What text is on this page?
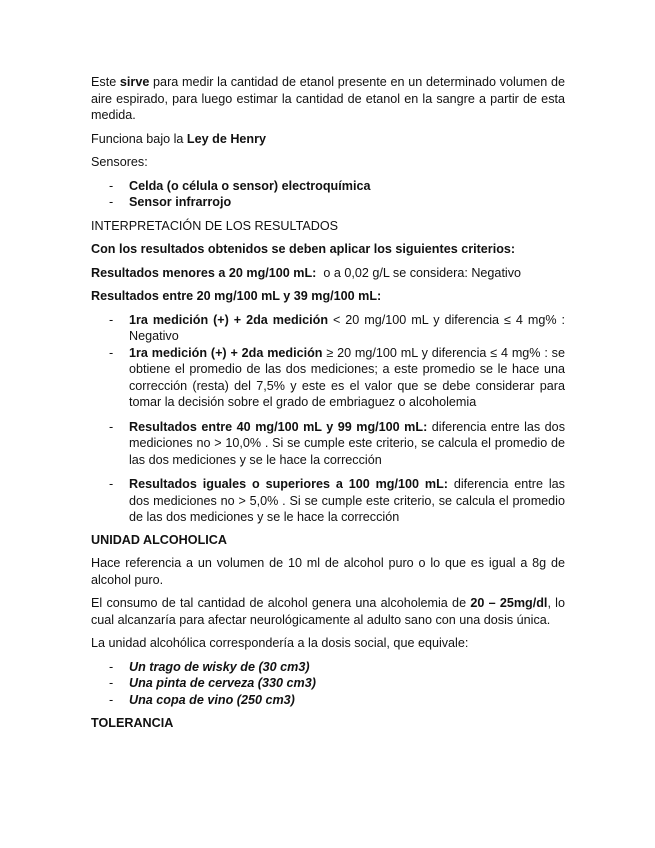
Este sirve para medir la cantidad de etanol presente en un determinado volumen de aire espirado, para luego estimar la cantidad de etanol en la sangre a partir de esta medida.

Funciona bajo la Ley de Henry

Sensores:

- Celda (o célula o sensor) electroquímica
- Sensor infrarrojo
INTERPRETACIÓN DE LOS RESULTADOS

Con los resultados obtenidos se deben aplicar los siguientes criterios:

Resultados menores a 20 mg/100 mL:  o a 0,02 g/L se considera: Negativo

Resultados entre 20 mg/100 mL y 39 mg/100 mL:

- 1ra medición (+) + 2da medición < 20 mg/100 mL y diferencia ≤ 4 mg% : Negativo
- 1ra medición (+) + 2da medición ≥ 20 mg/100 mL y diferencia ≤ 4 mg% : se obtiene el promedio de las dos mediciones; a este promedio se le hace una corrección (resta) del 7,5% y este es el valor que se debe considerar para tomar la decisión sobre el grado de embriaguez o alcoholemia
- Resultados entre 40 mg/100 mL y 99 mg/100 mL: diferencia entre las dos mediciones no > 10,0% . Si se cumple este criterio, se calcula el promedio de las dos mediciones y se le hace la corrección
- Resultados iguales o superiores a 100 mg/100 mL: diferencia entre las dos mediciones no > 5,0% . Si se cumple este criterio, se calcula el promedio de las dos mediciones y se le hace la corrección
UNIDAD ALCOHOLICA

Hace referencia a un volumen de 10 ml de alcohol puro o lo que es igual a 8g de alcohol puro.

El consumo de tal cantidad de alcohol genera una alcoholemia de 20 – 25mg/dl, lo cual alcanzaría para afectar neurológicamente al adulto sano con una dosis única.

La unidad alcohólica correspondería a la dosis social, que equivale:

- Un trago de wisky de (30 cm3)
- Una pinta de cerveza (330 cm3)
- Una copa de vino (250 cm3)
TOLERANCIA
